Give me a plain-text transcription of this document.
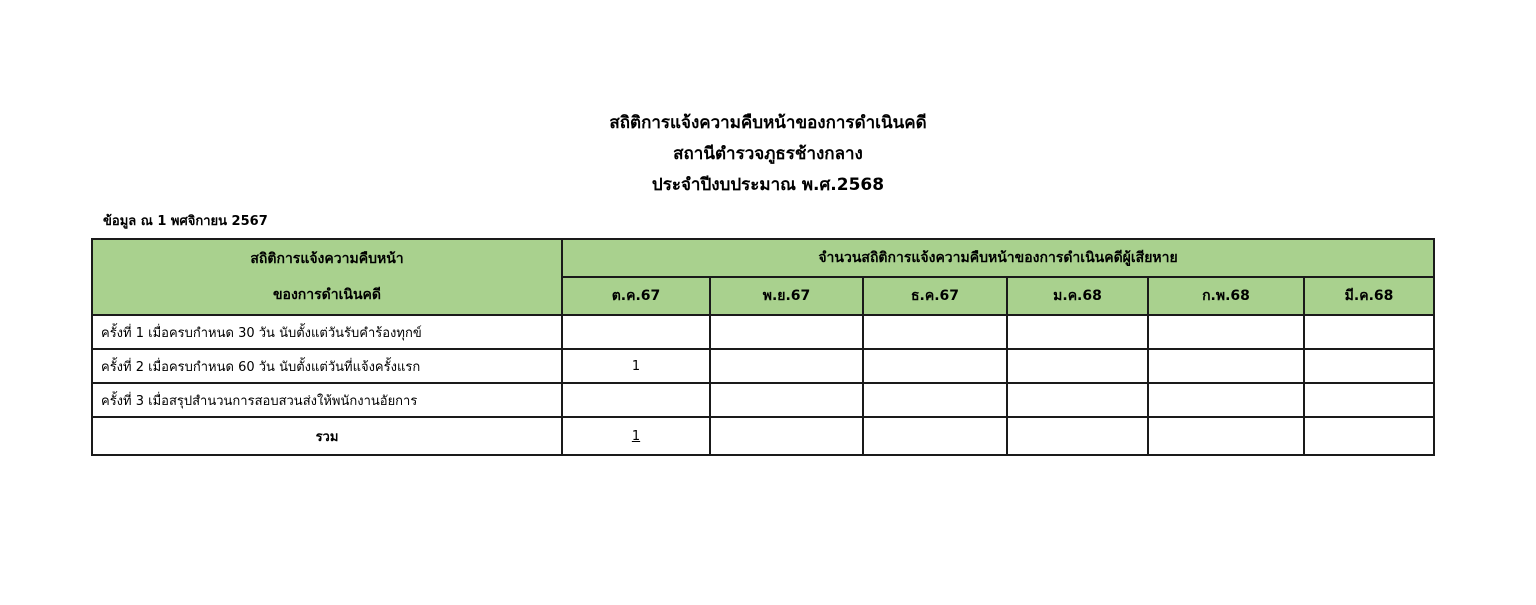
สถิติการแจ้งความคืบหน้าของการดำเนินคดี
สถานีตำรวจภูธรช้างกลาง
ประจำปีงบประมาณ พ.ศ.2568
ข้อมูล ณ 1 พศจิกายน 2567
สถิติการแจ้งความคืบหน้า
ของการดำเนินคดี	จำนวนสถิติการแจ้งความคืบหน้าของการดำเนินคดีผู้เสียหาย					
	ต.ค.67	พ.ย.67	ธ.ค.67	ม.ค.68	ก.พ.68	มี.ค.68
ครั้งที่ 1 เมื่อครบกำหนด 30 วัน นับตั้งแต่วันรับคำร้องทุกข์						
ครั้งที่ 2 เมื่อครบกำหนด 60 วัน นับตั้งแต่วันที่แจ้งครั้งแรก	1					
ครั้งที่ 3 เมื่อสรุปสำนวนการสอบสวนส่งให้พนักงานอัยการ						
รวม	1					
